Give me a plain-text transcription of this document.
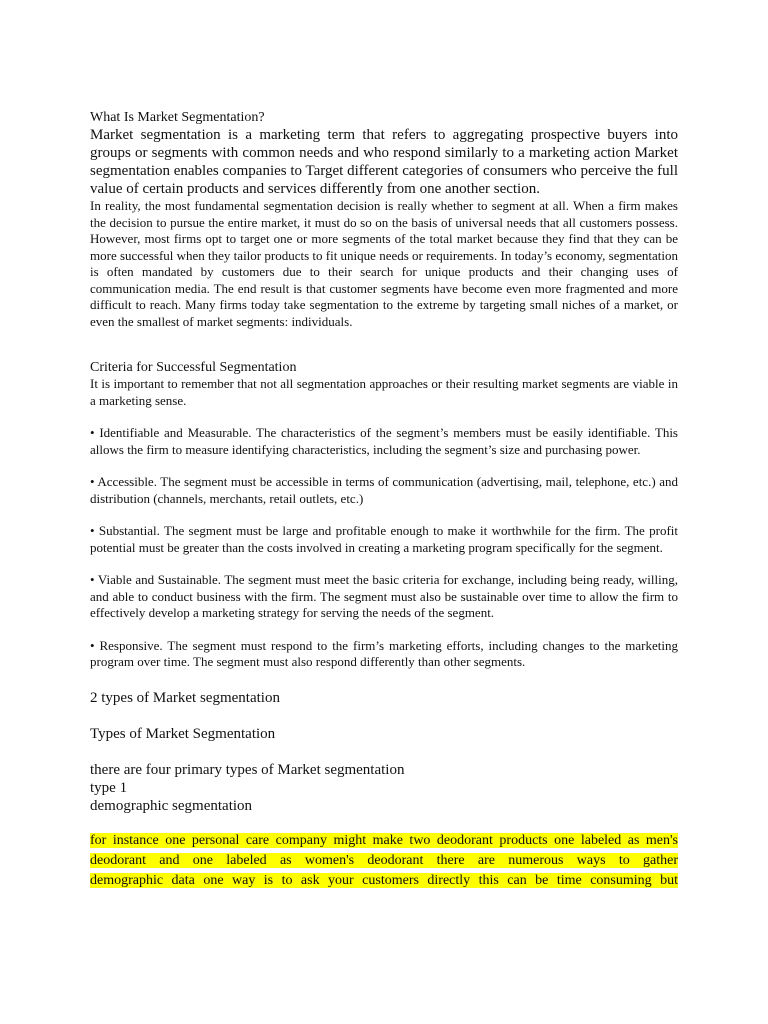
What Is Market Segmentation?

Market segmentation is a marketing term that refers to aggregating prospective buyers into groups or segments with common needs and who respond similarly to a marketing action Market segmentation enables companies to Target different categories of consumers who perceive the full value of certain products and services differently from one another section.

In reality, the most fundamental segmentation decision is really whether to segment at all. When a firm makes the decision to pursue the entire market, it must do so on the basis of universal needs that all customers possess. However, most firms opt to target one or more segments of the total market because they find that they can be more successful when they tailor products to fit unique needs or requirements. In today’s economy, segmentation is often mandated by customers due to their search for unique products and their changing uses of communication media. The end result is that customer segments have become even more fragmented and more difficult to reach. Many firms today take segmentation to the extreme by targeting small niches of a market, or even the smallest of market segments: individuals.

Criteria for Successful Segmentation

It is important to remember that not all segmentation approaches or their resulting market segments are viable in a marketing sense.

• Identifiable and Measurable. The characteristics of the segment’s members must be easily identifiable. This allows the firm to measure identifying characteristics, including the segment’s size and purchasing power.

• Accessible. The segment must be accessible in terms of communication (advertising, mail, telephone, etc.) and distribution (channels, merchants, retail outlets, etc.)

• Substantial. The segment must be large and profitable enough to make it worthwhile for the firm. The profit potential must be greater than the costs involved in creating a marketing program specifically for the segment.

• Viable and Sustainable. The segment must meet the basic criteria for exchange, including being ready, willing, and able to conduct business with the firm. The segment must also be sustainable over time to allow the firm to effectively develop a marketing strategy for serving the needs of the segment.

• Responsive. The segment must respond to the firm’s marketing efforts, including changes to the marketing program over time. The segment must also respond differently than other segments.

2 types of Market segmentation

Types of Market Segmentation

there are four primary types of Market segmentation

type 1

demographic segmentation

for instance one personal care company might make two deodorant products one labeled as men's

deodorant and one labeled as women's deodorant there are numerous ways to gather

demographic data one way is to ask your customers directly this can be time consuming but
